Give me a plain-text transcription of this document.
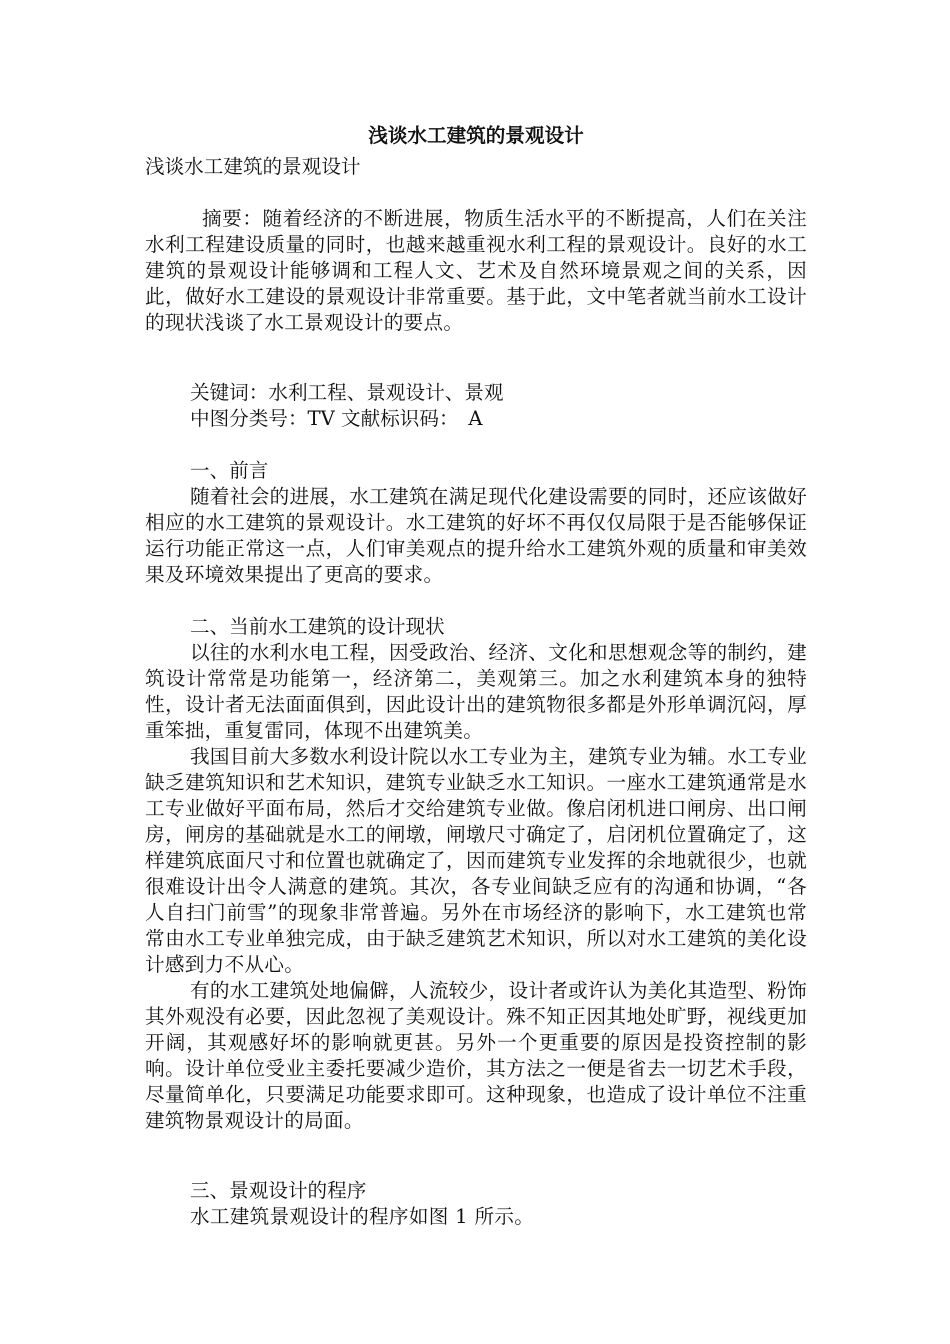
浅谈水工建筑的景观设计

浅谈水工建筑的景观设计

摘要：随着经济的不断进展，物质生活水平的不断提高，人们在关注水利工程建设质量的同时，也越来越重视水利工程的景观设计。良好的水工建筑的景观设计能够调和工程人文、艺术及自然环境景观之间的关系，因此，做好水工建设的景观设计非常重要。基于此，文中笔者就当前水工设计的现状浅谈了水工景观设计的要点。

关键词：水利工程、景观设计、景观

中图分类号：TV 文献标识码：　A

一、前言

随着社会的进展，水工建筑在满足现代化建设需要的同时，还应该做好相应的水工建筑的景观设计。水工建筑的好坏不再仅仅局限于是否能够保证运行功能正常这一点，人们审美观点的提升给水工建筑外观的质量和审美效果及环境效果提出了更高的要求。

二、当前水工建筑的设计现状

以往的水利水电工程，因受政治、经济、文化和思想观念等的制约，建筑设计常常是功能第一，经济第二，美观第三。加之水利建筑本身的独特性，设计者无法面面俱到，因此设计出的建筑物很多都是外形单调沉闷，厚重笨拙，重复雷同，体现不出建筑美。

我国目前大多数水利设计院以水工专业为主，建筑专业为辅。水工专业缺乏建筑知识和艺术知识，建筑专业缺乏水工知识。一座水工建筑通常是水工专业做好平面布局，然后才交给建筑专业做。像启闭机进口闸房、出口闸房，闸房的基础就是水工的闸墩，闸墩尺寸确定了，启闭机位置确定了，这样建筑底面尺寸和位置也就确定了，因而建筑专业发挥的余地就很少，也就很难设计出令人满意的建筑。其次，各专业间缺乏应有的沟通和协调，“各人自扫门前雪”的现象非常普遍。另外在市场经济的影响下，水工建筑也常常由水工专业单独完成，由于缺乏建筑艺术知识，所以对水工建筑的美化设计感到力不从心。

有的水工建筑处地偏僻，人流较少，设计者或许认为美化其造型、粉饰其外观没有必要，因此忽视了美观设计。殊不知正因其地处旷野，视线更加开阔，其观感好坏的影响就更甚。另外一个更重要的原因是投资控制的影响。设计单位受业主委托要减少造价，其方法之一便是省去一切艺术手段，尽量简单化，只要满足功能要求即可。这种现象，也造成了设计单位不注重建筑物景观设计的局面。

三、景观设计的程序

水工建筑景观设计的程序如图 1 所示。
